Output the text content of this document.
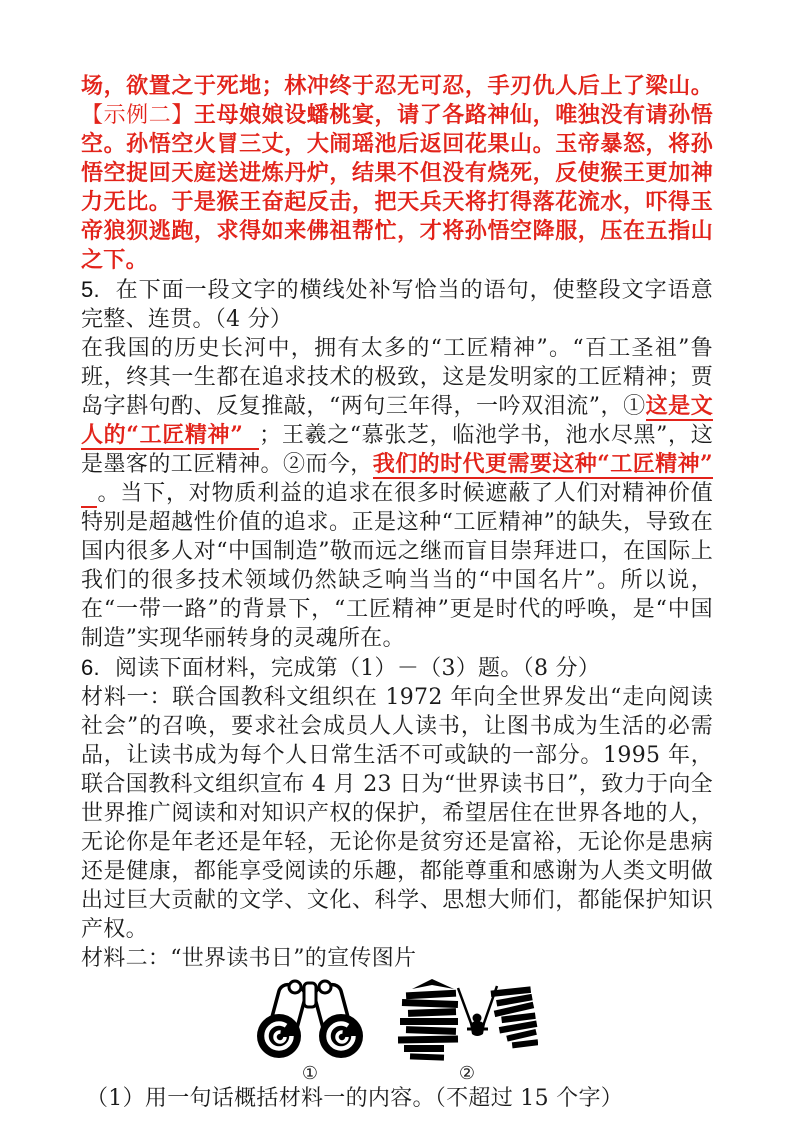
场，欲置之于死地；林冲终于忍无可忍，手刃仇人后上了梁山。【示例二】王母娘娘设蟠桃宴，请了各路神仙，唯独没有请孙悟空。孙悟空火冒三丈，大闹瑶池后返回花果山。玉帝暴怒，将孙悟空捉回天庭送进炼丹炉，结果不但没有烧死，反使猴王更加神力无比。于是猴王奋起反击，把天兵天将打得落花流水，吓得玉帝狼狈逃跑，求得如来佛祖帮忙，才将孙悟空降服，压在五指山之下。

5. 在下面一段文字的横线处补写恰当的语句，使整段文字语意完整、连贯。（4 分）

在我国的历史长河中，拥有太多的“工匠精神”。“百工圣祖”鲁班，终其一生都在追求技术的极致，这是发明家的工匠精神；贾岛字斟句酌、反复推敲，“两句三年得，一吟双泪流”，①这是文人的“工匠精神” ；王羲之“慕张芝，临池学书，池水尽黑”，这是墨客的工匠精神。②而今，我们的时代更需要这种“工匠精神”。当下，对物质利益的追求在很多时候遮蔽了人们对精神价值特别是超越性价值的追求。正是这种“工匠精神”的缺失，导致在国内很多人对“中国制造”敬而远之继而盲目崇拜进口，在国际上我们的很多技术领域仍然缺乏响当当的“中国名片”。所以说，在“一带一路”的背景下，“工匠精神”更是时代的呼唤，是“中国制造”实现华丽转身的灵魂所在。

6. 阅读下面材料，完成第（1）－（3）题。（8 分）

材料一：联合国教科文组织在 1972 年向全世界发出“走向阅读社会”的召唤，要求社会成员人人读书，让图书成为生活的必需品，让读书成为每个人日常生活不可或缺的一部分。1995 年，联合国教科文组织宣布 4 月 23 日为“世界读书日”，致力于向全世界推广阅读和对知识产权的保护，希望居住在世界各地的人，无论你是年老还是年轻，无论你是贫穷还是富裕，无论你是患病还是健康，都能享受阅读的乐趣，都能尊重和感谢为人类文明做出过巨大贡献的文学、文化、科学、思想大师们，都能保护知识产权。

材料二：“世界读书日”的宣传图片

①	②

（1）用一句话概括材料一的内容。（不超过 15 个字）
